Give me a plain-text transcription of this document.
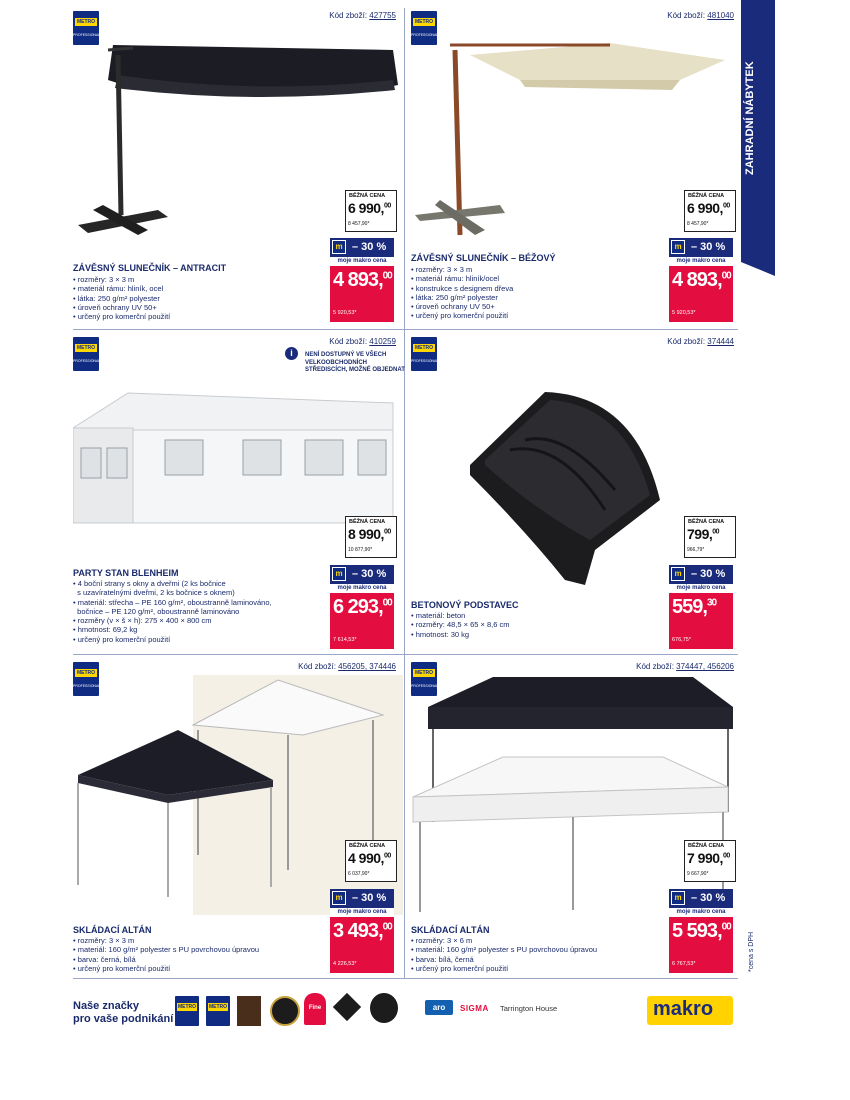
ZAHRADNÍ NÁBYTEK
*cena s DPH
METRO
PROFESSIONAL
Kód zboží: 427755
BĚŽNÁ CENA
6 990,00
8 457,90*
m – 30 %
moje makro cena
4 893,00
5 920,53*
ZÁVĚSNÝ SLUNEČNÍK – ANTRACIT
• rozměry: 3 × 3 m
• materiál rámu: hliník, ocel
• látka: 250 g/m² polyester
• úroveň ochrany UV 50+
• určený pro komerční použití
METRO
PROFESSIONAL
Kód zboží: 481040
BĚŽNÁ CENA
6 990,00
8 457,90*
m – 30 %
moje makro cena
4 893,00
5 920,53*
ZÁVĚSNÝ SLUNEČNÍK – BÉŽOVÝ
• rozměry: 3 × 3 m
• materiál rámu: hliník/ocel
• konstrukce s designem dřeva
• látka: 250 g/m² polyester
• úroveň ochrany UV 50+
• určený pro komerční použití
METRO
PROFESSIONAL
Kód zboží: 410259
i	NENÍ DOSTUPNÝ VE VŠECH
VELKOOBCHODNÍCH
STŘEDISCÍCH, MOŽNÉ OBJEDNAT
BĚŽNÁ CENA
8 990,00
10 877,90*
m – 30 %
moje makro cena
6 293,00
7 614,53*
PARTY STAN BLENHEIM
• 4 boční strany s okny a dveřmi (2 ks bočnice
s uzavíratelnými dveřmi, 2 ks bočnice s oknem)
• materiál: střecha – PE 160 g/m², oboustranně laminováno,
bočnice – PE 120 g/m², oboustranně laminováno
• rozměry (v × š × h): 275 × 400 × 800 cm
• hmotnost: 69,2 kg
• určený pro komerční použití
METRO
PROFESSIONAL
Kód zboží: 374444
BĚŽNÁ CENA
799,00
966,79*
m – 30 %
moje makro cena
559,30
676,75*
BETONOVÝ PODSTAVEC
• materiál: beton
• rozměry: 48,5 × 65 × 8,6 cm
• hmotnost: 30 kg
METRO
PROFESSIONAL
Kód zboží: 456205, 374446
BĚŽNÁ CENA
4 990,00
6 037,90*
m – 30 %
moje makro cena
3 493,00
4 226,53*
SKLÁDACÍ ALTÁN
• rozměry: 3 × 3 m
• materiál: 160 g/m² polyester s PU povrchovou úpravou
• barva: černá, bílá
• určený pro komerční použití
METRO
PROFESSIONAL
Kód zboží: 374447, 456206
BĚŽNÁ CENA
7 990,00
9 667,90*
m – 30 %
moje makro cena
5 593,00
6 767,53*
SKLÁDACÍ ALTÁN
• rozměry: 3 × 6 m
• materiál: 160 g/m² polyester s PU povrchovou úpravou
• barva: bílá, černá
• určený pro komerční použití
Naše značky
pro vaše podnikání
METRO	METRO	Fine Life
aro	SIGMA Tarrington House	makro
